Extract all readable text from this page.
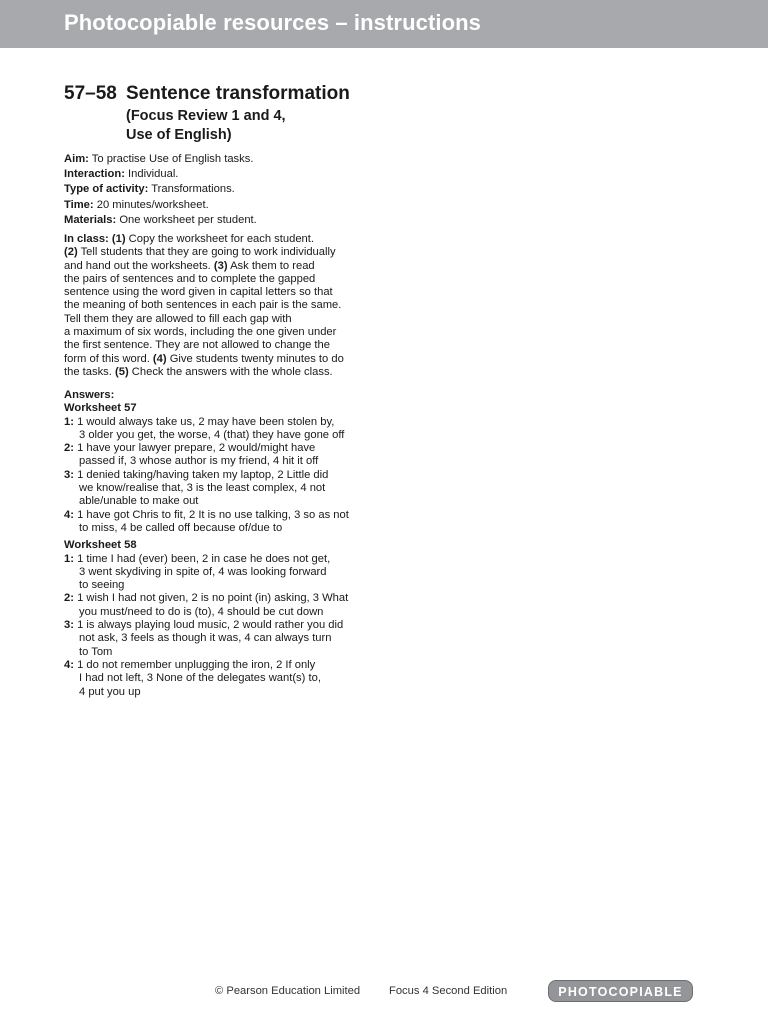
Photocopiable resources – instructions
57–58 Sentence transformation
(Focus Review 1 and 4,
Use of English)
Aim: To practise Use of English tasks.
Interaction: Individual.
Type of activity: Transformations.
Time: 20 minutes/worksheet.
Materials: One worksheet per student.
In class: (1) Copy the worksheet for each student.
(2) Tell students that they are going to work individually
and hand out the worksheets. (3) Ask them to read
the pairs of sentences and to complete the gapped
sentence using the word given in capital letters so that
the meaning of both sentences in each pair is the same.
Tell them they are allowed to fill each gap with
a maximum of six words, including the one given under
the first sentence. They are not allowed to change the
form of this word. (4) Give students twenty minutes to do
the tasks. (5) Check the answers with the whole class.
Answers:
Worksheet 57
1: 1 would always take us, 2 may have been stolen by,
3 older you get, the worse, 4 (that) they have gone off
2: 1 have your lawyer prepare, 2 would/might have
passed if, 3 whose author is my friend, 4 hit it off
3: 1 denied taking/having taken my laptop, 2 Little did
we know/realise that, 3 is the least complex, 4 not
able/unable to make out
4: 1 have got Chris to fit, 2 It is no use talking, 3 so as not
to miss, 4 be called off because of/due to
Worksheet 58
1: 1 time I had (ever) been, 2 in case he does not get,
3 went skydiving in spite of, 4 was looking forward
to seeing
2: 1 wish I had not given, 2 is no point (in) asking, 3 What
you must/need to do is (to), 4 should be cut down
3: 1 is always playing loud music, 2 would rather you did
not ask, 3 feels as though it was, 4 can always turn
to Tom
4: 1 do not remember unplugging the iron, 2 If only
I had not left, 3 None of the delegates want(s) to,
4 put you up
© Pearson Education Limited	Focus 4 Second Edition	PHOTOCOPIABLE
